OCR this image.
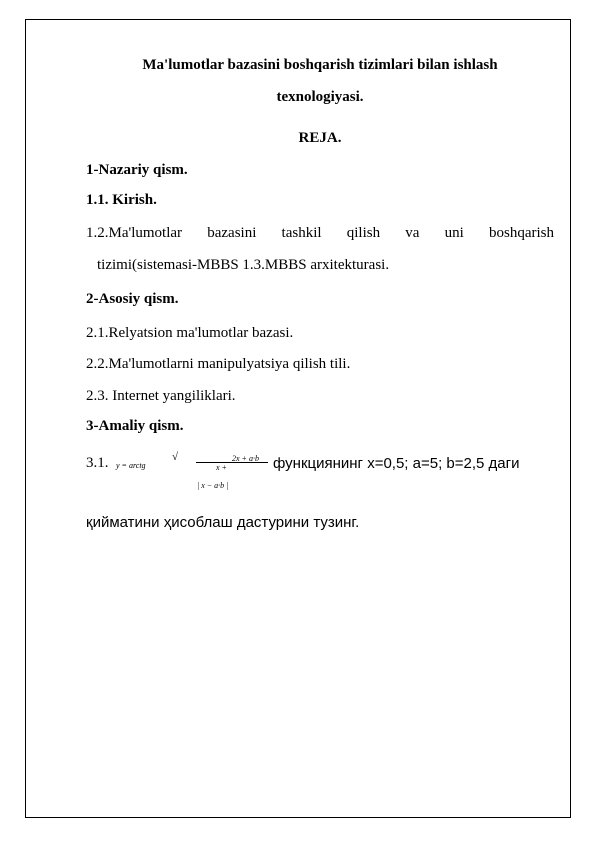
Ma'lumotlar bazasini boshqarish tizimlari bilan ishlash
texnologiyasi.
REJA.
1-Nazariy qism.
1.1. Kirish.
1.2.Ma'lumotlar bazasini tashkil qilish va uni boshqarish
tizimi(sistemasi-MBBS 1.3.MBBS arxitekturasi.
2-Asosiy qism.
2.1.Relyatsion ma'lumotlar bazasi.
2.2.Ma'lumotlarni manipulyatsiya qilish tili.
2.3. Internet yangiliklari.
3-Amaliy qism.
3.1. y = arctg
√	2x + a·b
x +
| x − a·b |
функциянинг x=0,5; a=5; b=2,5 даги
қийматини ҳисоблаш дастурини тузинг.
